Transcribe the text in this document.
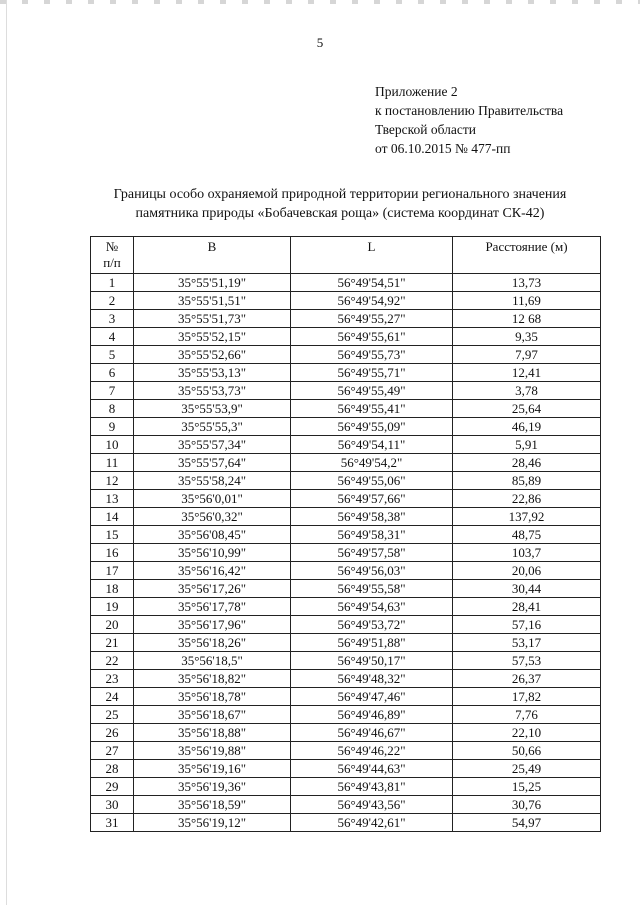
5
Приложение 2
к постановлению Правительства
Тверской области
от 06.10.2015 № 477-пп
Границы особо охраняемой природной территории регионального значения
памятника природы «Бобачевская роща» (система координат СК-42)
№
п/п	B	L	Расстояние (м)
1	35°55'51,19"	56°49'54,51"	13,73
2	35°55'51,51"	56°49'54,92"	11,69
3	35°55'51,73"	56°49'55,27"	12 68
4	35°55'52,15"	56°49'55,61"	9,35
5	35°55'52,66"	56°49'55,73"	7,97
6	35°55'53,13"	56°49'55,71"	12,41
7	35°55'53,73"	56°49'55,49"	3,78
8	35°55'53,9"	56°49'55,41"	25,64
9	35°55'55,3"	56°49'55,09"	46,19
10	35°55'57,34"	56°49'54,11"	5,91
11	35°55'57,64"	56°49'54,2"	28,46
12	35°55'58,24"	56°49'55,06"	85,89
13	35°56'0,01"	56°49'57,66"	22,86
14	35°56'0,32"	56°49'58,38"	137,92
15	35°56'08,45"	56°49'58,31"	48,75
16	35°56'10,99"	56°49'57,58"	103,7
17	35°56'16,42"	56°49'56,03"	20,06
18	35°56'17,26"	56°49'55,58"	30,44
19	35°56'17,78"	56°49'54,63"	28,41
20	35°56'17,96"	56°49'53,72"	57,16
21	35°56'18,26"	56°49'51,88"	53,17
22	35°56'18,5"	56°49'50,17"	57,53
23	35°56'18,82"	56°49'48,32"	26,37
24	35°56'18,78"	56°49'47,46"	17,82
25	35°56'18,67"	56°49'46,89"	7,76
26	35°56'18,88"	56°49'46,67"	22,10
27	35°56'19,88"	56°49'46,22"	50,66
28	35°56'19,16"	56°49'44,63"	25,49
29	35°56'19,36"	56°49'43,81"	15,25
30	35°56'18,59"	56°49'43,56"	30,76
31	35°56'19,12"	56°49'42,61"	54,97
